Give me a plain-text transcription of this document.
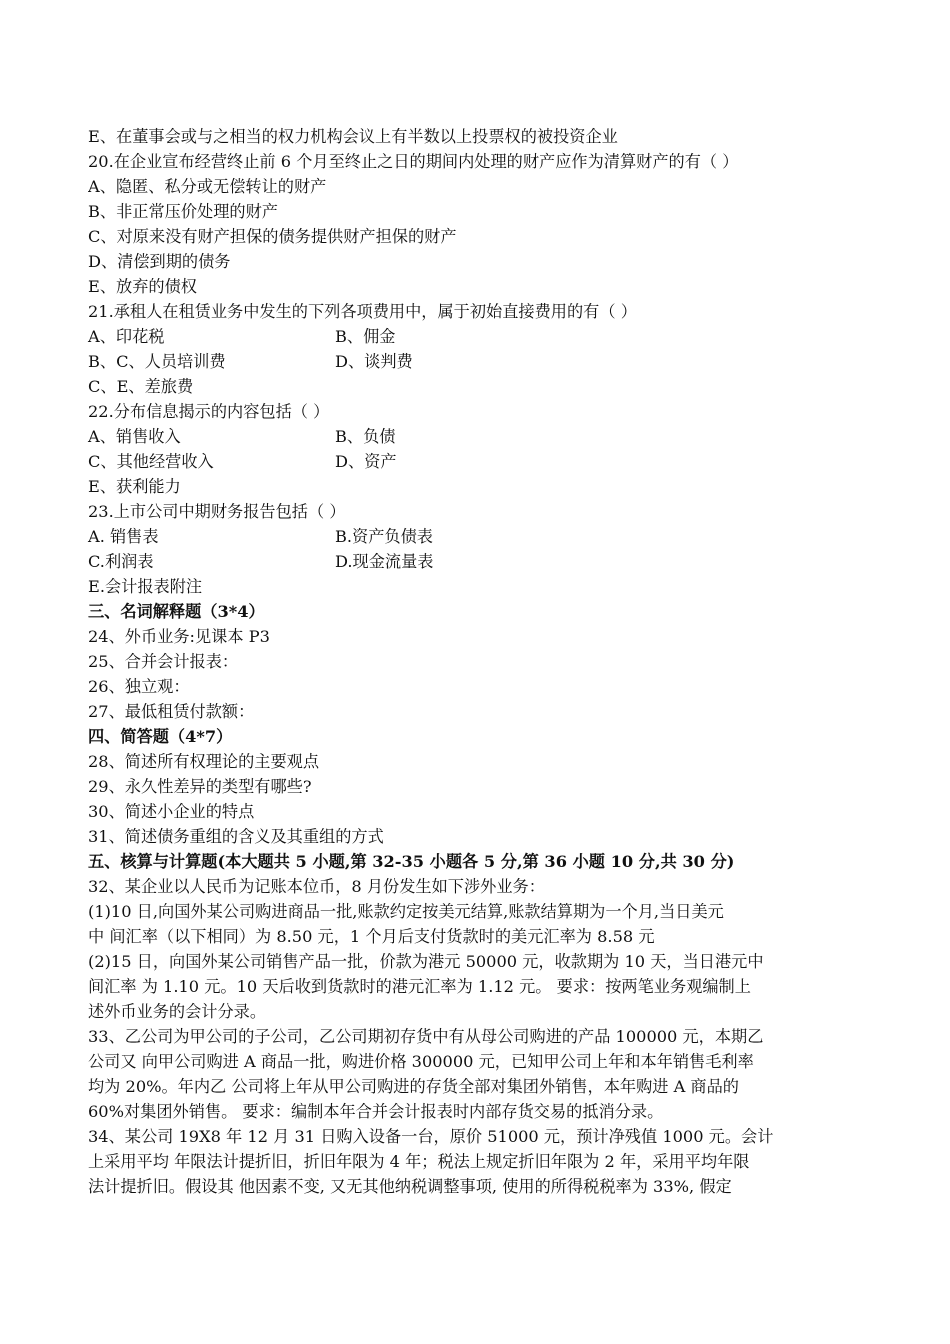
E、在董事会或与之相当的权力机构会议上有半数以上投票权的被投资企业
20.在企业宣布经营终止前 6 个月至终止之日的期间内处理的财产应作为清算财产的有（ ）
A、隐匿、私分或无偿转让的财产
B、非正常压价处理的财产
C、对原来没有财产担保的债务提供财产担保的财产
D、清偿到期的债务
E、放弃的债权
21.承租人在租赁业务中发生的下列各项费用中，属于初始直接费用的有（ ）
A、印花税	B、佣金
B、C、人员培训费	D、谈判费
C、E、差旅费
22.分布信息揭示的内容包括（ ）
A、销售收入	B、负债
C、其他经营收入	D、资产
E、获利能力
23.上市公司中期财务报告包括（ ）
A. 销售表	B.资产负债表
C.利润表	D.现金流量表
E.会计报表附注
三、名词解释题（3*4）
24、外币业务:见课本 P3
25、合并会计报表：
26、独立观：
27、最低租赁付款额：
四、简答题（4*7）
28、简述所有权理论的主要观点
29、永久性差异的类型有哪些?
30、简述小企业的特点
31、简述债务重组的含义及其重组的方式
五、核算与计算题(本大题共 5 小题,第 32-35 小题各 5 分,第 36 小题 10 分,共 30 分)
32、某企业以人民币为记账本位币，8 月份发生如下涉外业务：
(1)10 日,向国外某公司购进商品一批,账款约定按美元结算,账款结算期为一个月,当日美元
中 间汇率（以下相同）为 8.50 元，1 个月后支付货款时的美元汇率为 8.58 元
(2)15 日，向国外某公司销售产品一批，价款为港元 50000 元，收款期为 10 天，当日港元中
间汇率 为 1.10 元。10 天后收到货款时的港元汇率为 1.12 元。 要求：按两笔业务观编制上
述外币业务的会计分录。
33、乙公司为甲公司的子公司，乙公司期初存货中有从母公司购进的产品 100000 元，本期乙
公司又 向甲公司购进 A 商品一批，购进价格 300000 元，已知甲公司上年和本年销售毛利率
均为 20%。年内乙 公司将上年从甲公司购进的存货全部对集团外销售，本年购进 A 商品的
60%对集团外销售。 要求：编制本年合并会计报表时内部存货交易的抵消分录。
34、某公司 19X8 年 12 月 31 日购入设备一台，原价 51000 元，预计净残值 1000 元。会计
上采用平均 年限法计提折旧，折旧年限为 4 年；税法上规定折旧年限为 2 年，采用平均年限
法计提折旧。假设其 他因素不变, 又无其他纳税调整事项, 使用的所得税税率为 33%, 假定
